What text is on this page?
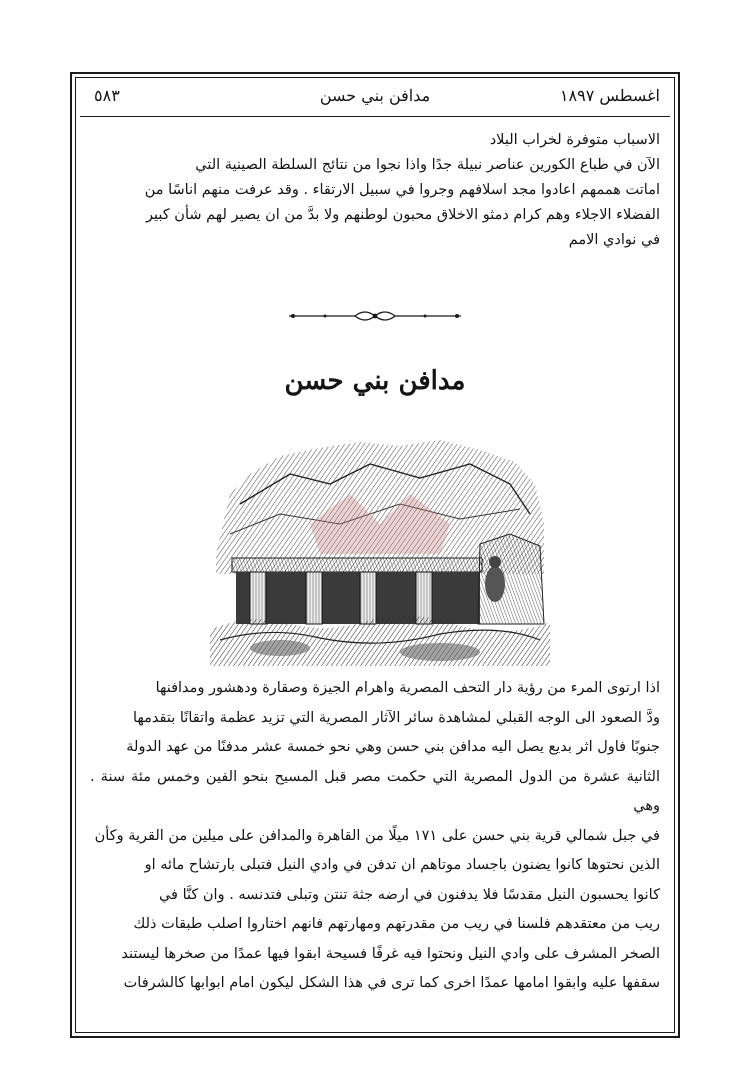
اغسطس ١٨٩٧
مدافن بني حسن
٥٨٣

الاسباب متوفرة لخراب البلاد

الآن في طباع الكورين عناصر نبيلة جدًا واذا نجوا من نتائج السلطة الصينية التي

اماتت هممهم اعادوا مجد اسلافهم وجروا في سبيل الارتقاء . وقد عرفت منهم اناسًا من

الفضلاء الاجلاء وهم كرام دمثو الاخلاق محبون لوطنهم ولا بدَّ من ان يصير لهم شأن كبير

في نوادي الامم

مدافن بني حسن

اذا ارتوى المرء من رؤية دار التحف المصرية واهرام الجيزة وصقارة ودهشور ومدافنها

ودَّ الصعود الى الوجه القبلي لمشاهدة سائر الآثار المصرية التي تزيد عظمة واتقانًا بتقدمها

جنوبًا فاول اثر بديع يصل اليه مدافن بني حسن وهي نحو خمسة عشر مدفنًا من عهد الدولة

الثانية عشرة من الدول المصرية التي حكمت مصر قبل المسيح بنحو الفين وخمس مئة سنة . وهي

في جبل شمالي قرية بني حسن على ١٧١ ميلًا من القاهرة والمدافن على ميلين من القرية وكأن

الذين نحتوها كانوا يضنون باجساد موتاهم ان تدفن في وادي النيل فتبلى بارتشاح مائه او

كانوا يحسبون النيل مقدسًا فلا يدفنون في ارضه جثة تنتن وتبلى فتدنسه . وان كنَّا في

ريب من معتقدهم فلسنا في ريب من مقدرتهم ومهارتهم فانهم اختاروا اصلب طبقات ذلك

الصخر المشرف على وادي النيل ونحتوا فيه غرفًا فسيحة ابقوا فيها عمدًا من صخرها ليستند

سقفها عليه وابقوا امامها عمدًا اخرى كما ترى في هذا الشكل ليكون امام ابوابها كالشرفات
